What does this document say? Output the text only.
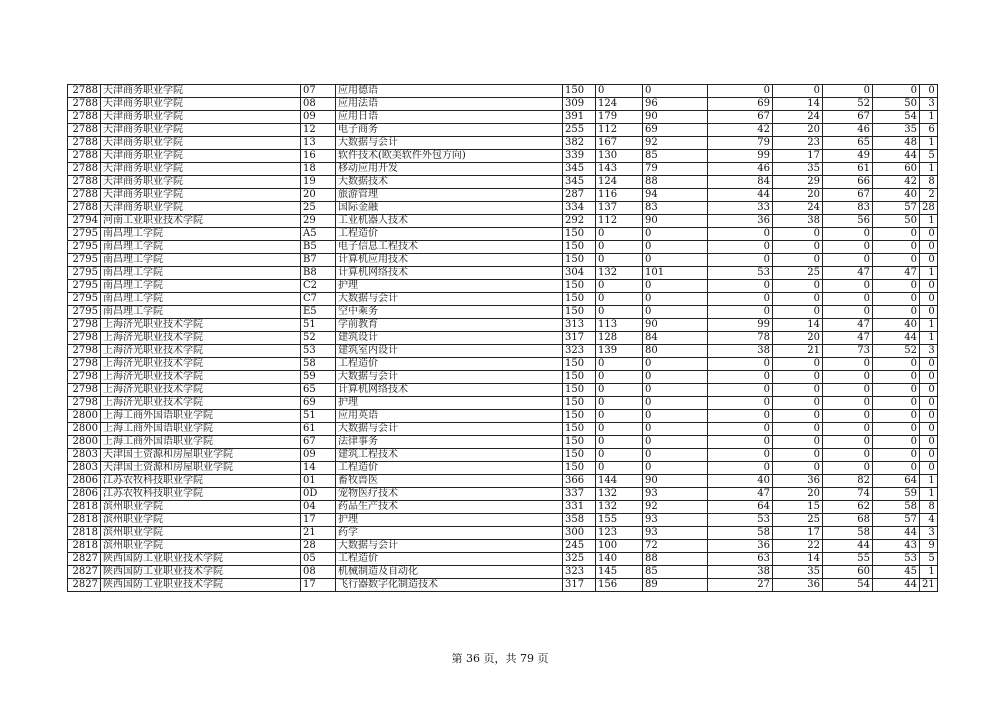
2788	天津商务职业学院	07	应用德语	150	0	0	0	0	0	0	0
2788	天津商务职业学院	08	应用法语	309	124	96	69	14	52	50	3
2788	天津商务职业学院	09	应用日语	391	179	90	67	24	67	54	1
2788	天津商务职业学院	12	电子商务	255	112	69	42	20	46	35	6
2788	天津商务职业学院	13	大数据与会计	382	167	92	79	23	65	48	1
2788	天津商务职业学院	16	软件技术(欧美软件外包方向)	339	130	85	99	17	49	44	5
2788	天津商务职业学院	18	移动应用开发	345	143	79	46	35	61	60	1
2788	天津商务职业学院	19	大数据技术	345	124	88	84	29	66	42	8
2788	天津商务职业学院	20	旅游管理	287	116	94	44	20	67	40	2
2788	天津商务职业学院	25	国际金融	334	137	83	33	24	83	57	28
2794	河南工业职业技术学院	29	工业机器人技术	292	112	90	36	38	56	50	1
2795	南昌理工学院	A5	工程造价	150	0	0	0	0	0	0	0
2795	南昌理工学院	B5	电子信息工程技术	150	0	0	0	0	0	0	0
2795	南昌理工学院	B7	计算机应用技术	150	0	0	0	0	0	0	0
2795	南昌理工学院	B8	计算机网络技术	304	132	101	53	25	47	47	1
2795	南昌理工学院	C2	护理	150	0	0	0	0	0	0	0
2795	南昌理工学院	C7	大数据与会计	150	0	0	0	0	0	0	0
2795	南昌理工学院	E5	空中乘务	150	0	0	0	0	0	0	0
2798	上海济光职业技术学院	51	学前教育	313	113	90	99	14	47	40	1
2798	上海济光职业技术学院	52	建筑设计	317	128	84	78	20	47	44	1
2798	上海济光职业技术学院	53	建筑室内设计	323	139	80	38	21	73	52	3
2798	上海济光职业技术学院	58	工程造价	150	0	0	0	0	0	0	0
2798	上海济光职业技术学院	59	大数据与会计	150	0	0	0	0	0	0	0
2798	上海济光职业技术学院	65	计算机网络技术	150	0	0	0	0	0	0	0
2798	上海济光职业技术学院	69	护理	150	0	0	0	0	0	0	0
2800	上海工商外国语职业学院	51	应用英语	150	0	0	0	0	0	0	0
2800	上海工商外国语职业学院	61	大数据与会计	150	0	0	0	0	0	0	0
2800	上海工商外国语职业学院	67	法律事务	150	0	0	0	0	0	0	0
2803	天津国土资源和房屋职业学院	09	建筑工程技术	150	0	0	0	0	0	0	0
2803	天津国土资源和房屋职业学院	14	工程造价	150	0	0	0	0	0	0	0
2806	江苏农牧科技职业学院	01	畜牧兽医	366	144	90	40	36	82	64	1
2806	江苏农牧科技职业学院	0D	宠物医疗技术	337	132	93	47	20	74	59	1
2818	滨州职业学院	04	药品生产技术	331	132	92	64	15	62	58	8
2818	滨州职业学院	17	护理	358	155	93	53	25	68	57	4
2818	滨州职业学院	21	药学	300	123	93	58	17	58	44	3
2818	滨州职业学院	28	大数据与会计	245	100	72	36	22	44	43	9
2827	陕西国防工业职业技术学院	05	工程造价	325	140	88	63	14	55	53	5
2827	陕西国防工业职业技术学院	08	机械制造及自动化	323	145	85	38	35	60	45	1
2827	陕西国防工业职业技术学院	17	飞行器数字化制造技术	317	156	89	27	36	54	44	21
第 36 页，共 79 页
